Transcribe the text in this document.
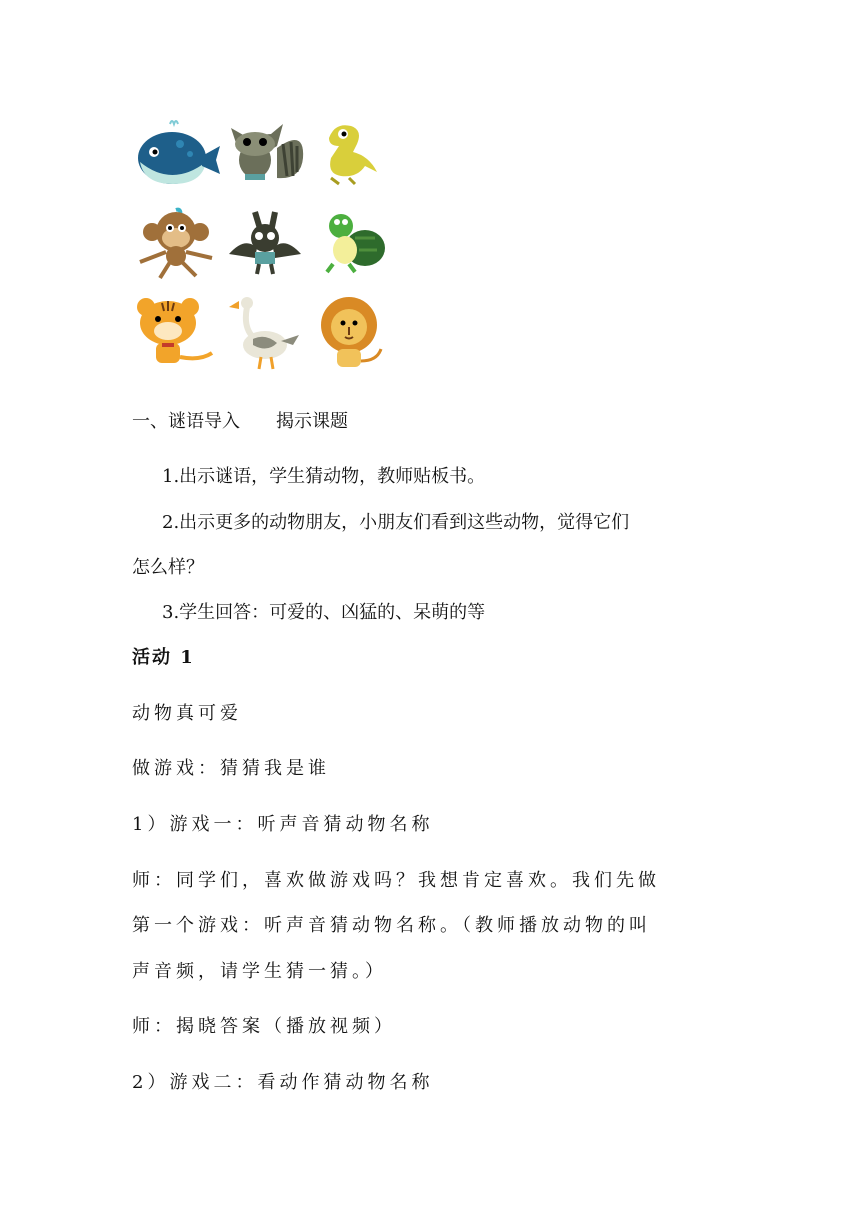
一、谜语导入 揭示课题
1.出示谜语，学生猜动物，教师贴板书。
2.出示更多的动物朋友，小朋友们看到这些动物，觉得它们
怎么样？
3.学生回答：可爱的、凶猛的、呆萌的等
活动 1
动物真可爱
做游戏：猜猜我是谁
1）游戏一：听声音猜动物名称
师：同学们，喜欢做游戏吗？我想肯定喜欢。我们先做
第一个游戏：听声音猜动物名称。（教师播放动物的叫
声音频，请学生猜一猜。）
师：揭晓答案（播放视频）
2）游戏二：看动作猜动物名称
